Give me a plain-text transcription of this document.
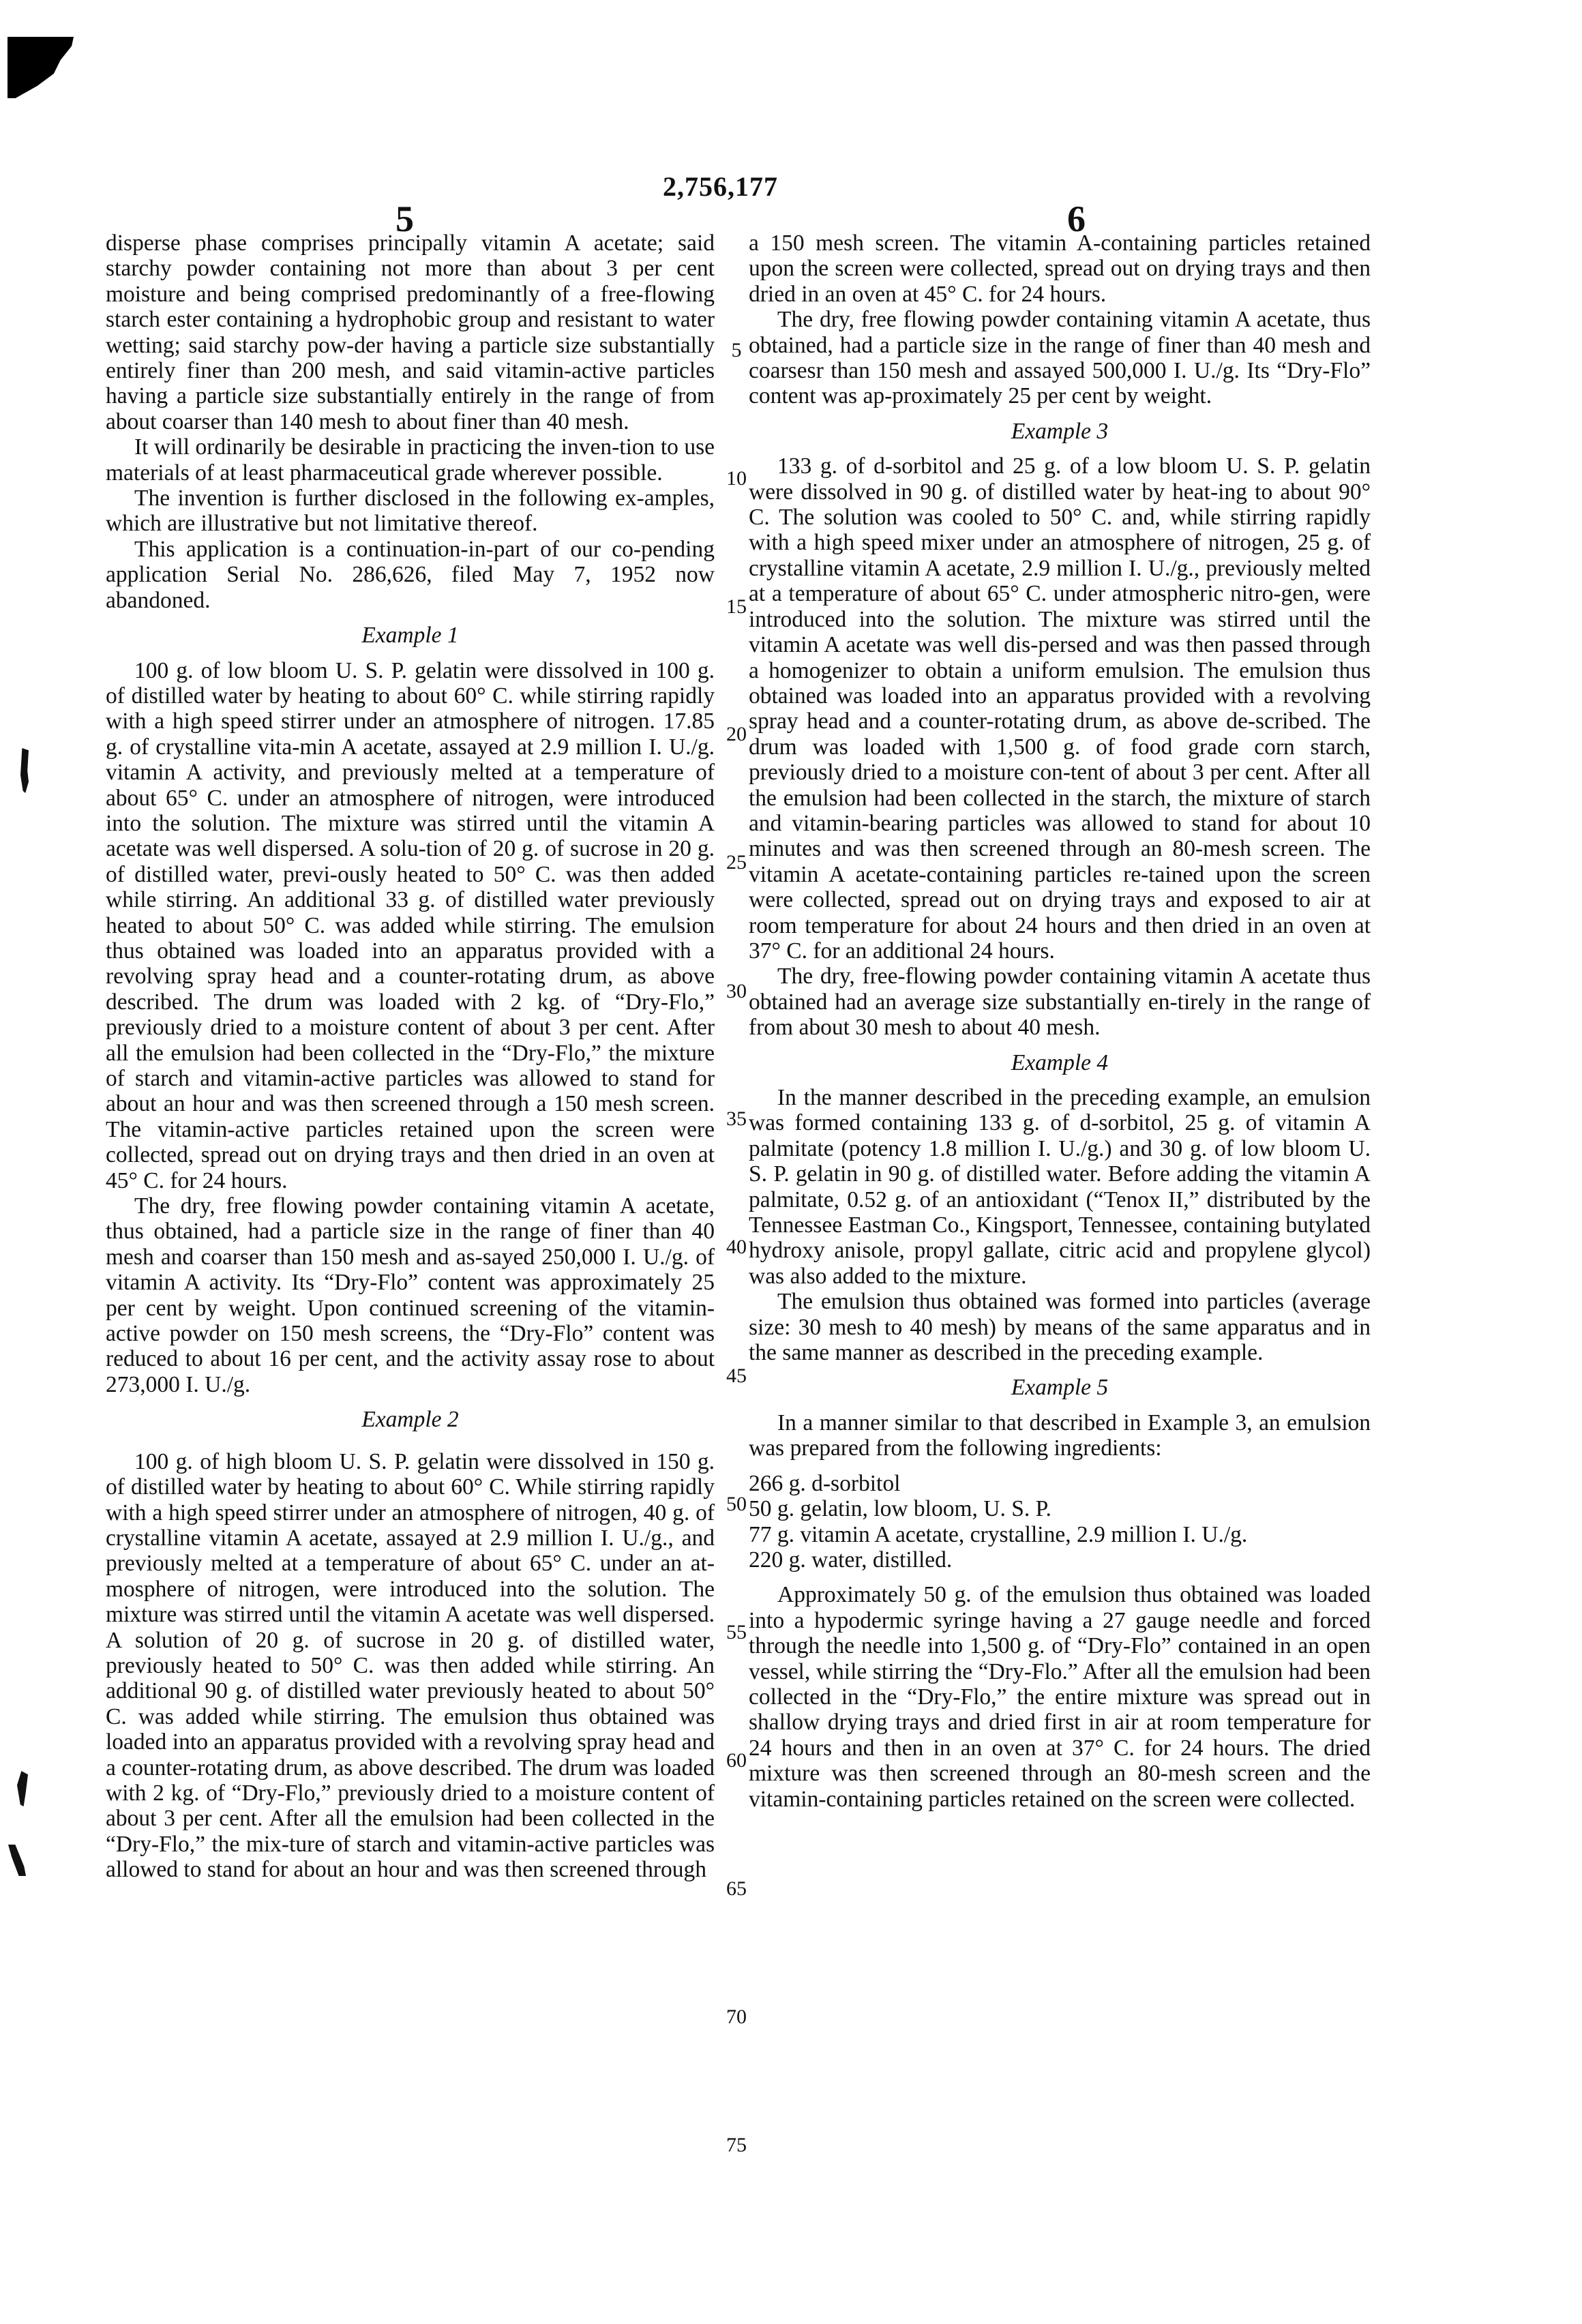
2,756,177
5	6

disperse phase comprises principally vitamin A acetate; said starchy powder containing not more than about 3 per cent moisture and being comprised predominantly of a free-flowing starch ester containing a hydrophobic group and resistant to water wetting; said starchy pow-der having a particle size substantially entirely finer than 200 mesh, and said vitamin-active particles having a particle size substantially entirely in the range of from about coarser than 140 mesh to about finer than 40 mesh.

It will ordinarily be desirable in practicing the inven-tion to use materials of at least pharmaceutical grade wherever possible.

The invention is further disclosed in the following ex-amples, which are illustrative but not limitative thereof.

This application is a continuation-in-part of our co-pending application Serial No. 286,626, filed May 7, 1952 now abandoned.

Example 1

100 g. of low bloom U. S. P. gelatin were dissolved in 100 g. of distilled water by heating to about 60° C. while stirring rapidly with a high speed stirrer under an atmosphere of nitrogen. 17.85 g. of crystalline vita-min A acetate, assayed at 2.9 million I. U./g. vitamin A activity, and previously melted at a temperature of about 65° C. under an atmosphere of nitrogen, were introduced into the solution. The mixture was stirred until the vitamin A acetate was well dispersed. A solu-tion of 20 g. of sucrose in 20 g. of distilled water, previ-ously heated to 50° C. was then added while stirring. An additional 33 g. of distilled water previously heated to about 50° C. was added while stirring. The emulsion thus obtained was loaded into an apparatus provided with a revolving spray head and a counter-rotating drum, as above described. The drum was loaded with 2 kg. of “Dry-Flo,” previously dried to a moisture content of about 3 per cent. After all the emulsion had been collected in the “Dry-Flo,” the mixture of starch and vitamin-active particles was allowed to stand for about an hour and was then screened through a 150 mesh screen. The vitamin-active particles retained upon the screen were collected, spread out on drying trays and then dried in an oven at 45° C. for 24 hours.

The dry, free flowing powder containing vitamin A acetate, thus obtained, had a particle size in the range of finer than 40 mesh and coarser than 150 mesh and as-sayed 250,000 I. U./g. of vitamin A activity. Its “Dry-Flo” content was approximately 25 per cent by weight. Upon continued screening of the vitamin-active powder on 150 mesh screens, the “Dry-Flo” content was reduced to about 16 per cent, and the activity assay rose to about 273,000 I. U./g.

Example 2

100 g. of high bloom U. S. P. gelatin were dissolved in 150 g. of distilled water by heating to about 60° C. While stirring rapidly with a high speed stirrer under an atmosphere of nitrogen, 40 g. of crystalline vitamin A acetate, assayed at 2.9 million I. U./g., and previously melted at a temperature of about 65° C. under an at-mosphere of nitrogen, were introduced into the solution. The mixture was stirred until the vitamin A acetate was well dispersed. A solution of 20 g. of sucrose in 20 g. of distilled water, previously heated to 50° C. was then added while stirring. An additional 90 g. of distilled water previously heated to about 50° C. was added while stirring. The emulsion thus obtained was loaded into an apparatus provided with a revolving spray head and a counter-rotating drum, as above described. The drum was loaded with 2 kg. of “Dry-Flo,” previously dried to a moisture content of about 3 per cent. After all the emulsion had been collected in the “Dry-Flo,” the mix-ture of starch and vitamin-active particles was allowed to stand for about an hour and was then screened through

a 150 mesh screen. The vitamin A-containing particles retained upon the screen were collected, spread out on drying trays and then dried in an oven at 45° C. for 24 hours.

The dry, free flowing powder containing vitamin A acetate, thus obtained, had a particle size in the range of finer than 40 mesh and coarsesr than 150 mesh and assayed 500,000 I. U./g. Its “Dry-Flo” content was ap-proximately 25 per cent by weight.

Example 3

133 g. of d-sorbitol and 25 g. of a low bloom U. S. P. gelatin were dissolved in 90 g. of distilled water by heat-ing to about 90° C. The solution was cooled to 50° C. and, while stirring rapidly with a high speed mixer under an atmosphere of nitrogen, 25 g. of crystalline vitamin A acetate, 2.9 million I. U./g., previously melted at a temperature of about 65° C. under atmospheric nitro-gen, were introduced into the solution. The mixture was stirred until the vitamin A acetate was well dis-persed and was then passed through a homogenizer to obtain a uniform emulsion. The emulsion thus obtained was loaded into an apparatus provided with a revolving spray head and a counter-rotating drum, as above de-scribed. The drum was loaded with 1,500 g. of food grade corn starch, previously dried to a moisture con-tent of about 3 per cent. After all the emulsion had been collected in the starch, the mixture of starch and vitamin-bearing particles was allowed to stand for about 10 minutes and was then screened through an 80-mesh screen. The vitamin A acetate-containing particles re-tained upon the screen were collected, spread out on drying trays and exposed to air at room temperature for about 24 hours and then dried in an oven at 37° C. for an additional 24 hours.

The dry, free-flowing powder containing vitamin A acetate thus obtained had an average size substantially en-tirely in the range of from about 30 mesh to about 40 mesh.

Example 4

In the manner described in the preceding example, an emulsion was formed containing 133 g. of d-sorbitol, 25 g. of vitamin A palmitate (potency 1.8 million I. U./g.) and 30 g. of low bloom U. S. P. gelatin in 90 g. of distilled water. Before adding the vitamin A palmitate, 0.52 g. of an antioxidant (“Tenox II,” distributed by the Tennessee Eastman Co., Kingsport, Tennessee, containing butylated hydroxy anisole, propyl gallate, citric acid and propylene glycol) was also added to the mixture.

The emulsion thus obtained was formed into particles (average size: 30 mesh to 40 mesh) by means of the same apparatus and in the same manner as described in the preceding example.

Example 5

In a manner similar to that described in Example 3, an emulsion was prepared from the following ingredients:

266 g. d-sorbitol
50 g. gelatin, low bloom, U. S. P.
77 g. vitamin A acetate, crystalline, 2.9 million I. U./g.
220 g. water, distilled.

Approximately 50 g. of the emulsion thus obtained was loaded into a hypodermic syringe having a 27 gauge needle and forced through the needle into 1,500 g. of “Dry-Flo” contained in an open vessel, while stirring the “Dry-Flo.” After all the emulsion had been collected in the “Dry-Flo,” the entire mixture was spread out in shallow drying trays and dried first in air at room temperature for 24 hours and then in an oven at 37° C. for 24 hours. The dried mixture was then screened through an 80-mesh screen and the vitamin-containing particles retained on the screen were collected.

5
10
15
20
25
30
35
40
45
50
55
60
65
70
75
